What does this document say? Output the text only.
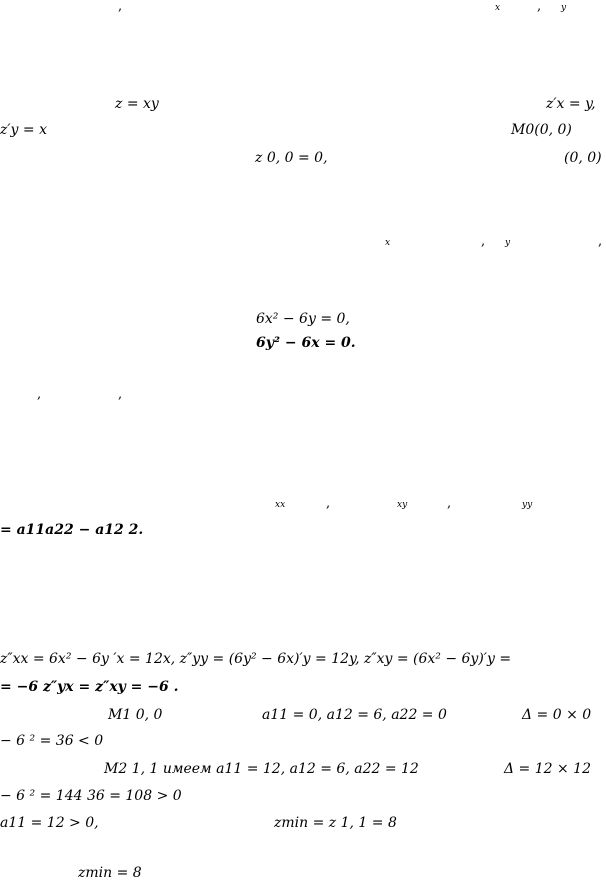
,	x	, y
z = xy	z′x = y,
z′y = x	M0(0, 0)
z 0, 0 = 0,	(0, 0)
x	, y	,
6x² − 6y = 0,
6y² − 6x = 0.
,	,
xx	,	xy	,	yy
= a11a22 − a12 2.
z″xx = 6x² − 6y ′x = 12x, z″yy = (6y² − 6x)′y = 12y, z″xy = (6x² − 6y)′y =
= −6 z″yx = z″xy = −6 .
M1 0, 0	a11 = 0, a12 = 6, a22 = 0	Δ = 0 × 0
− 6 ² = 36 < 0
M2 1, 1 имеем a11 = 12, a12 = 6, a22 = 12	Δ = 12 × 12
− 6 ² = 144 36 = 108 > 0
a11 = 12 > 0,	zmin = z 1, 1 = 8
zmin = 8
